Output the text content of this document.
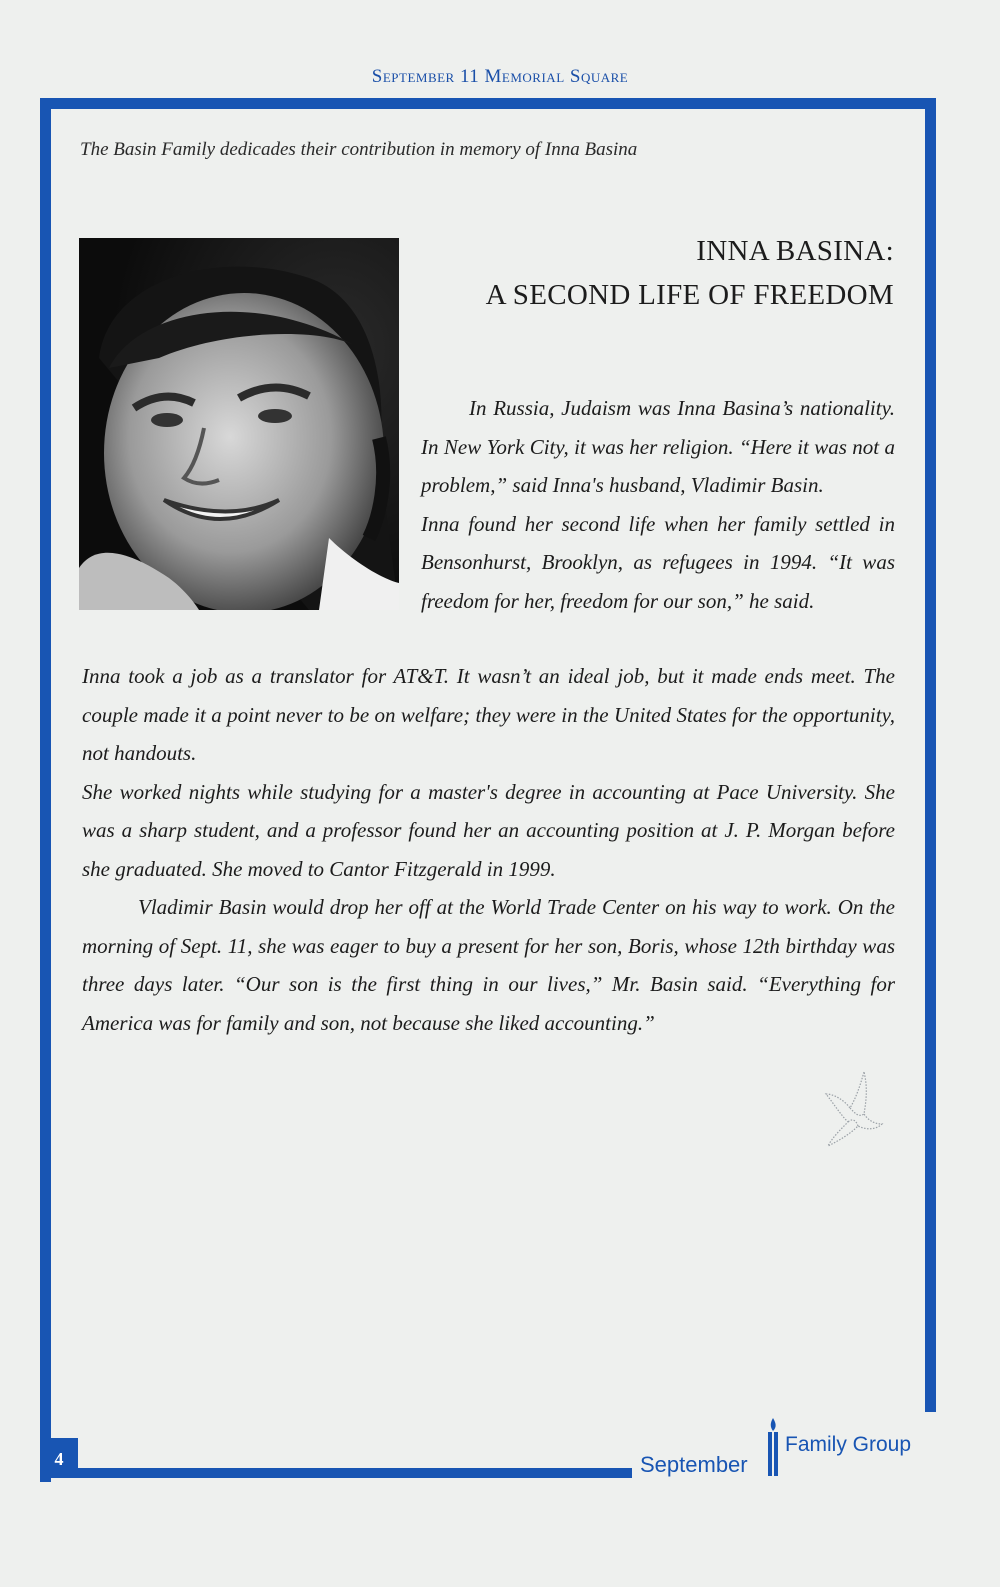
September 11 Memorial Square
4
The Basin Family dedicades their contribution in memory of Inna Basina
INNA BASINA:
A SECOND LIFE OF FREEDOM

In Russia, Judaism was Inna Basina’s nationality. In New York City, it was her religion. “Here it was not a problem,” said Inna's husband, Vladimir Basin.

Inna found her second life when her family settled in Bensonhurst, Brooklyn, as refugees in 1994. “It was freedom for her, freedom for our son,” he said.

Inna took a job as a translator for AT&T. It wasn’t an ideal job, but it made ends meet. The couple made it a point never to be on welfare; they were in the United States for the opportunity, not handouts.

She worked nights while studying for a master's degree in accounting at Pace University. She was a sharp student, and a professor found her an accounting position at J. P. Morgan before she graduated. She moved to Cantor Fitzgerald in 1999.

Vladimir Basin would drop her off at the World Trade Center on his way to work. On the morning of Sept. 11, she was eager to buy a present for her son, Boris, whose 12th birthday was three days later. “Our son is the first thing in our lives,” Mr. Basin said. “Everything for America was for family and son, not because she liked accounting.”

September
Family Group
